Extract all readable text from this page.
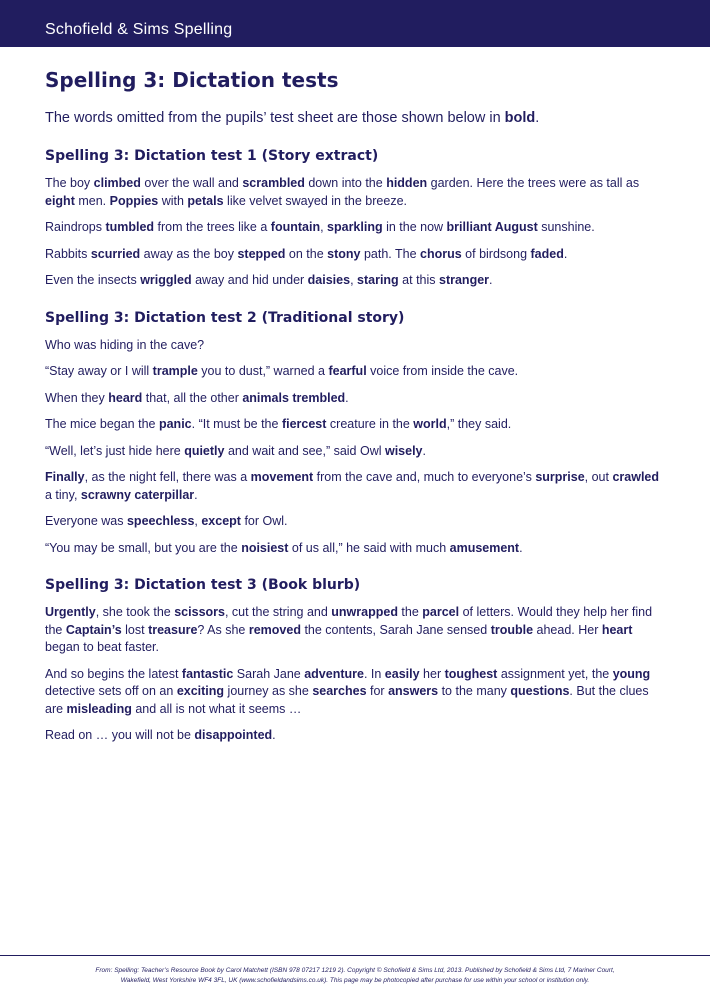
Schofield & Sims Spelling
Spelling 3: Dictation tests

The words omitted from the pupils’ test sheet are those shown below in bold.

Spelling 3: Dictation test 1 (Story extract)

The boy climbed over the wall and scrambled down into the hidden garden. Here the trees were as tall as eight men. Poppies with petals like velvet swayed in the breeze.

Raindrops tumbled from the trees like a fountain, sparkling in the now brilliant August sunshine.

Rabbits scurried away as the boy stepped on the stony path. The chorus of birdsong faded.

Even the insects wriggled away and hid under daisies, staring at this stranger.

Spelling 3: Dictation test 2 (Traditional story)

Who was hiding in the cave?

“Stay away or I will trample you to dust,” warned a fearful voice from inside the cave.

When they heard that, all the other animals trembled.

The mice began the panic. “It must be the fiercest creature in the world,” they said.

“Well, let’s just hide here quietly and wait and see,” said Owl wisely.

Finally, as the night fell, there was a movement from the cave and, much to everyone’s surprise, out crawled a tiny, scrawny caterpillar.

Everyone was speechless, except for Owl.

“You may be small, but you are the noisiest of us all,” he said with much amusement.

Spelling 3: Dictation test 3 (Book blurb)

Urgently, she took the scissors, cut the string and unwrapped the parcel of letters. Would they help her find the Captain’s lost treasure? As she removed the contents, Sarah Jane sensed trouble ahead. Her heart began to beat faster.

And so begins the latest fantastic Sarah Jane adventure. In easily her toughest assignment yet, the young detective sets off on an exciting journey as she searches for answers to the many questions. But the clues are misleading and all is not what it seems …

Read on … you will not be disappointed.

From: Spelling: Teacher’s Resource Book by Carol Matchett (ISBN 978 07217 1219 2). Copyright © Schofield & Sims Ltd, 2013. Published by Schofield & Sims Ltd, 7 Mariner Court,
Wakefield, West Yorkshire WF4 3FL, UK (www.schofieldandsims.co.uk). This page may be photocopied after purchase for use within your school or institution only.
